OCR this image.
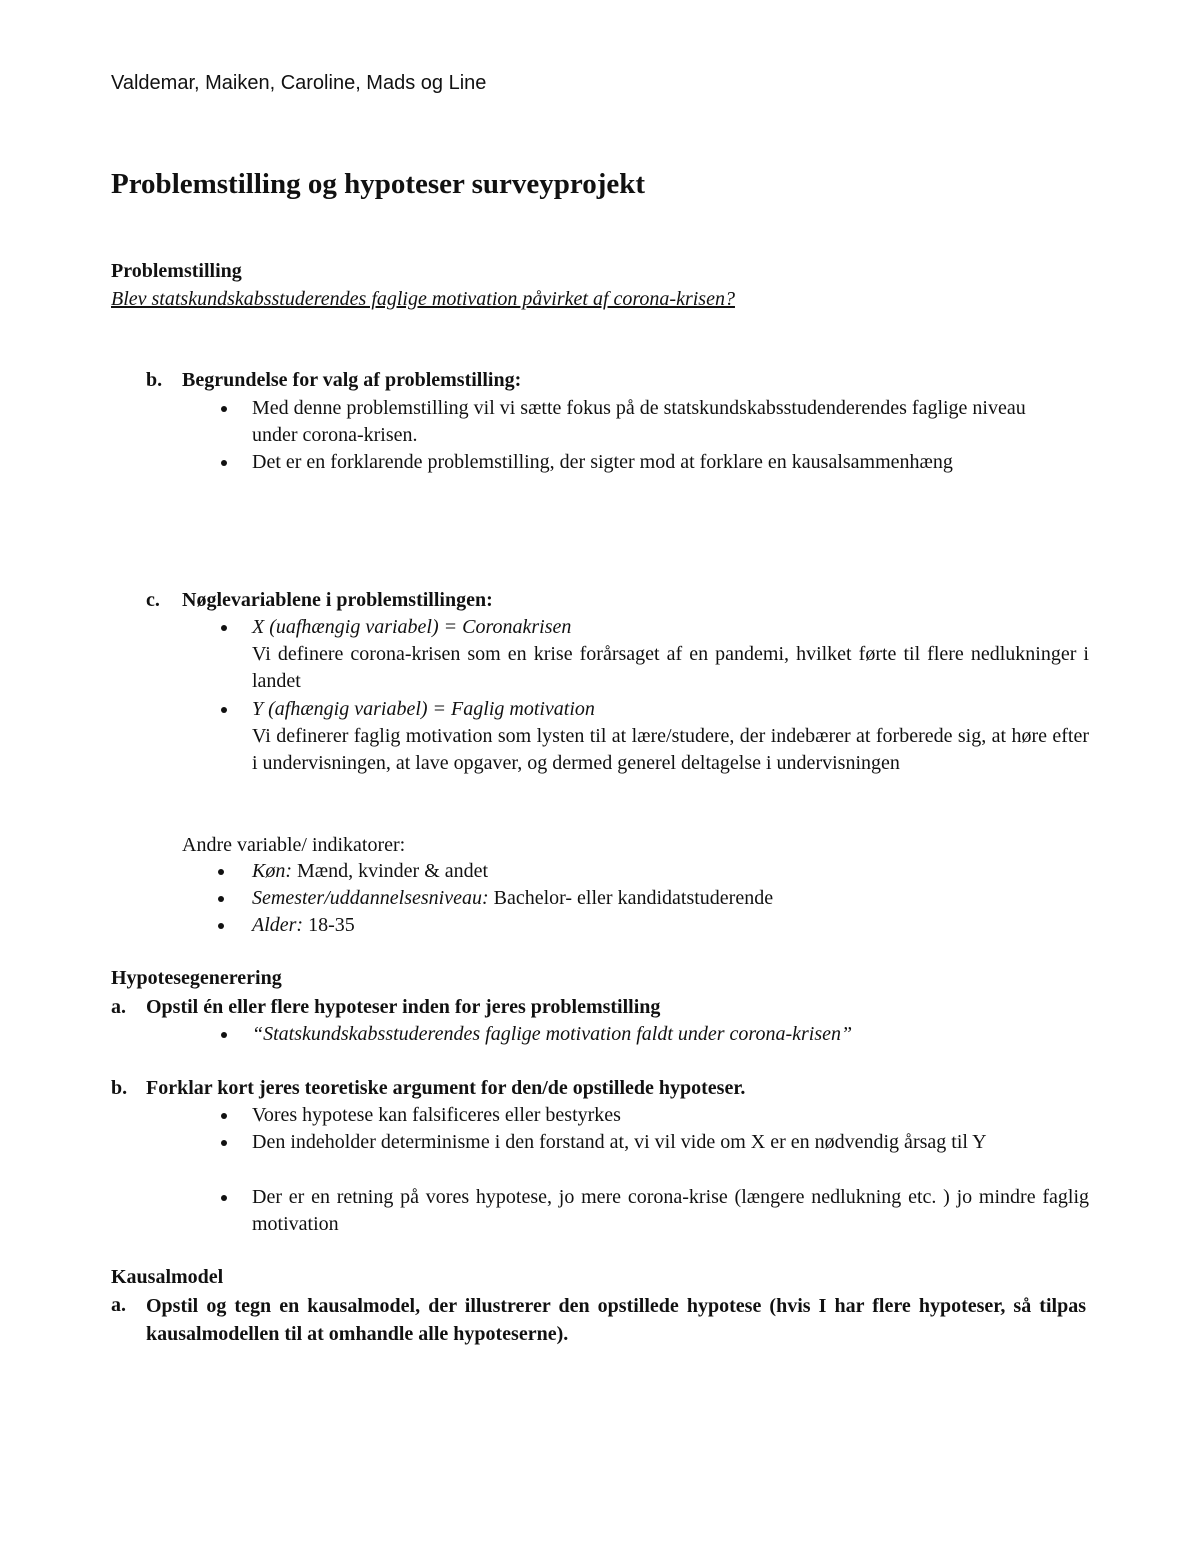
Valdemar, Maiken, Caroline, Mads og Line
Problemstilling og hypoteser surveyprojekt
Problemstilling
Blev statskundskabsstuderendes faglige motivation påvirket af corona-krisen?
b. Begrundelse for valg af problemstilling:
Med denne problemstilling vil vi sætte fokus på de statskundskabsstudenderendes faglige niveau under corona-krisen.
Det er en forklarende problemstilling, der sigter mod at forklare en kausalsammenhæng
c. Nøglevariablene i problemstillingen:
X (uafhængig variabel) = Coronakrisen
Vi definere corona-krisen som en krise forårsaget af en pandemi, hvilket førte til flere nedlukninger i landet
Y (afhængig variabel) = Faglig motivation
Vi definerer faglig motivation som lysten til at lære/studere, der indebærer at forberede sig, at høre efter i undervisningen, at lave opgaver, og dermed generel deltagelse i undervisningen
Andre variable/ indikatorer:
Køn: Mænd, kvinder & andet
Semester/uddannelsesniveau: Bachelor- eller kandidatstuderende
Alder: 18-35
Hypotesegenerering
a. Opstil én eller flere hypoteser inden for jeres problemstilling
“Statskundskabsstuderendes faglige motivation faldt under corona-krisen”
b. Forklar kort jeres teoretiske argument for den/de opstillede hypoteser.
Vores hypotese kan falsificeres eller bestyrkes
Den indeholder determinisme i den forstand at, vi vil vide om X er en nødvendig årsag til Y
Der er en retning på vores hypotese, jo mere corona-krise (længere nedlukning etc. ) jo mindre faglig motivation
Kausalmodel
a. Opstil og tegn en kausalmodel, der illustrerer den opstillede hypotese (hvis I har flere hypoteser, så tilpas kausalmodellen til at omhandle alle hypoteserne).
